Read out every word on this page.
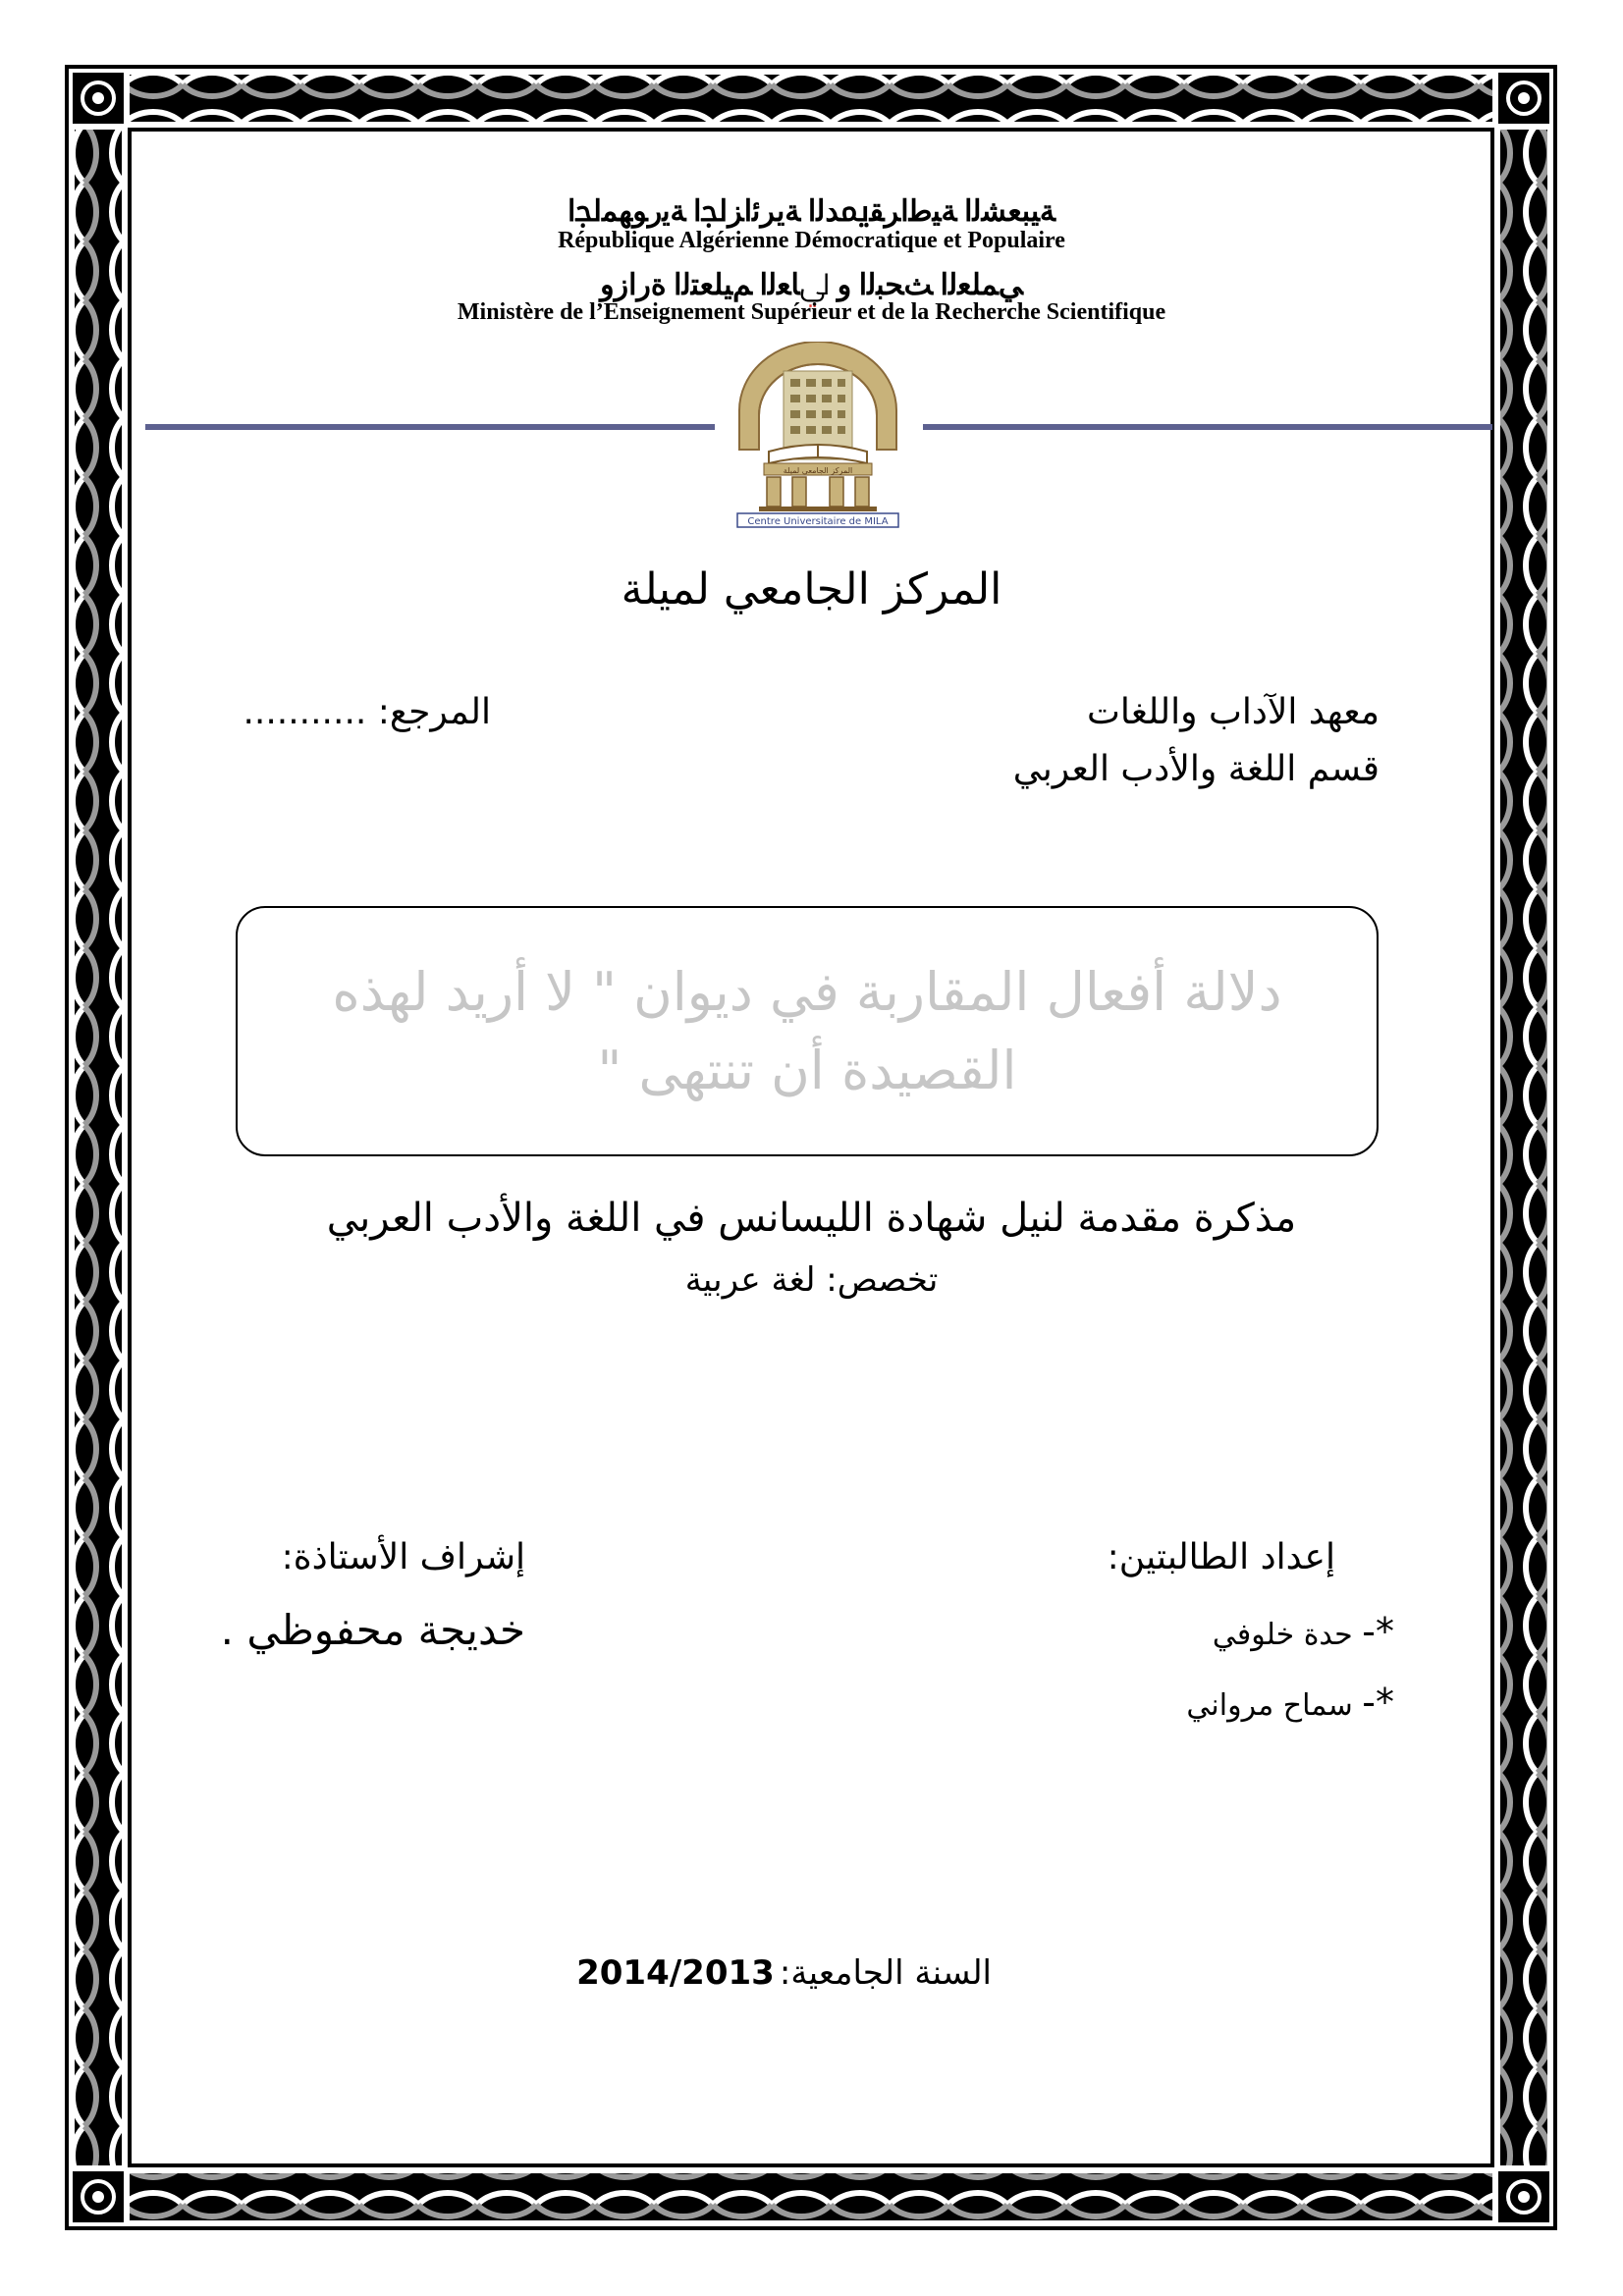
ﺔﻴﺒﻌﺸﻟﺍ ﺔﻴﻃﺍﺮﻘﳝﺪﻟﺍ ﺔﻳﺮﺋﺍﺰﳉﺍ ﺔﻳﺭﻮﻬﻤﳉﺍ
République Algérienne Démocratique et Populaire
ﻲﻤﻠﻌﻟﺍ ﺚﺤﺒﻟﺍ ﻭ ﱄﺎﻌﻟﺍ ﻢﻴﻠﻌﺘﻟﺍ ﺓﺭﺍﺯﻭ
Ministère de l’Enseignement Supérieur et de la Recherche Scientifique
المركز الجامعي لميلة
Centre Universitaire de MILA
المركز الجامعي لميلة
معهد الآداب واللغات
قسم اللغة والأدب العربي
المرجع: ...........
دلالة أفعال المقاربة في ديوان " لا أريد لهذه
القصيدة أن تنتهى "
مذكرة مقدمة لنيل شهادة الليسانس في اللغة والأدب العربي
تخصص: لغة عربية
إعداد الطالبتين:
*- حدة خلوفي
*- سماح مرواني
إشراف الأستاذة:
خديجة محفوظي .
السنة الجامعية: 2014/2013
